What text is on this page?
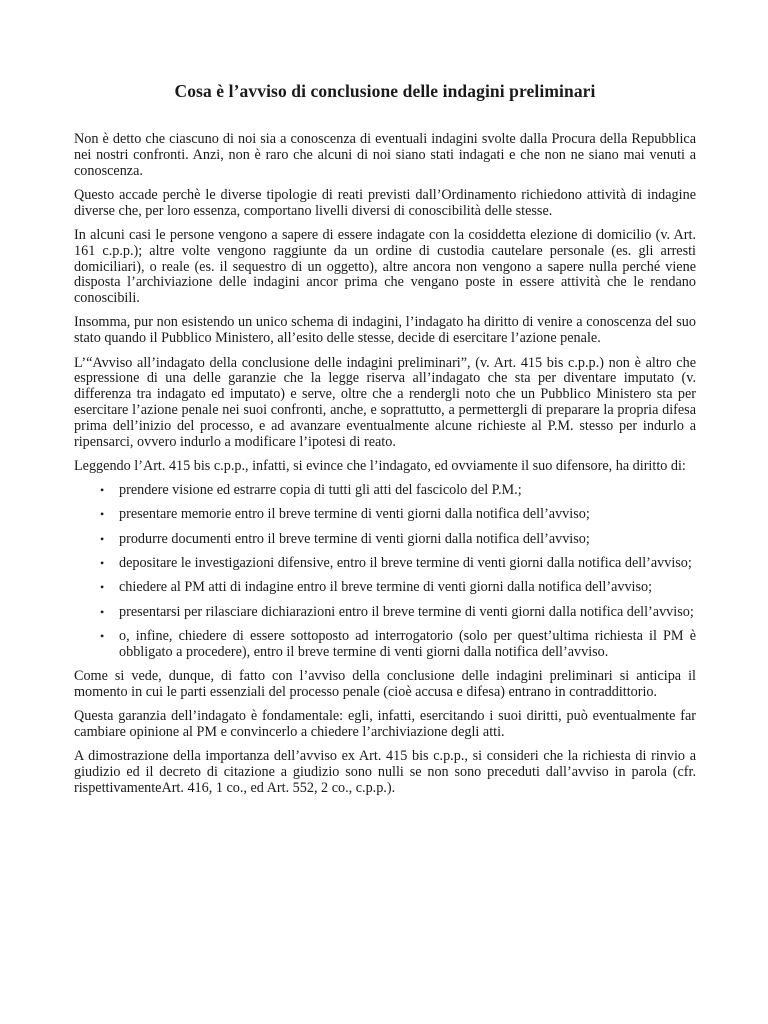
Cosa è l’avviso di conclusione delle indagini preliminari

Non è detto che ciascuno di noi sia a conoscenza di eventuali indagini svolte dalla Procura della Repubblica nei nostri confronti. Anzi, non è raro che alcuni di noi siano stati indagati e che non ne siano mai venuti a conoscenza.

Questo accade perchè le diverse tipologie di reati previsti dall’Ordinamento richiedono attività di indagine diverse che, per loro essenza, comportano livelli diversi di conoscibilità delle stesse.

In alcuni casi le persone vengono a sapere di essere indagate con la cosiddetta elezione di domicilio (v. Art. 161 c.p.p.); altre volte vengono raggiunte da un ordine di custodia cautelare personale (es. gli arresti domiciliari), o reale (es. il sequestro di un oggetto), altre ancora non vengono a sapere nulla perché viene disposta l’archiviazione delle indagini ancor prima che vengano poste in essere attività che le rendano conoscibili.

Insomma, pur non esistendo un unico schema di indagini, l’indagato ha diritto di venire a conoscenza del suo stato quando il Pubblico Ministero, all’esito delle stesse, decide di esercitare l’azione penale.

L’“Avviso all’indagato della conclusione delle indagini preliminari”, (v. Art. 415 bis c.p.p.) non è altro che espressione di una delle garanzie che la legge riserva all’indagato che sta per diventare imputato (v. differenza tra indagato ed imputato) e serve, oltre che a rendergli noto che un Pubblico Ministero sta per esercitare l’azione penale nei suoi confronti, anche, e soprattutto, a permettergli di preparare la propria difesa prima dell’inizio del processo, e ad avanzare eventualmente alcune richieste al P.M. stesso per indurlo a ripensarci, ovvero indurlo a modificare l’ipotesi di reato.

Leggendo l’Art. 415 bis c.p.p., infatti, si evince che l’indagato, ed ovviamente il suo difensore, ha diritto di:

• prendere visione ed estrarre copia di tutti gli atti del fascicolo del P.M.;
• presentare memorie entro il breve termine di venti giorni dalla notifica dell’avviso;
• produrre documenti entro il breve termine di venti giorni dalla notifica dell’avviso;
• depositare le investigazioni difensive, entro il breve termine di venti giorni dalla notifica dell’avviso;
• chiedere al PM atti di indagine entro il breve termine di venti giorni dalla notifica dell’avviso;
• presentarsi per rilasciare dichiarazioni entro il breve termine di venti giorni dalla notifica dell’avviso;
• o, infine, chiedere di essere sottoposto ad interrogatorio (solo per quest’ultima richiesta il PM è obbligato a procedere), entro il breve termine di venti giorni dalla notifica dell’avviso.

Come si vede, dunque, di fatto con l’avviso della conclusione delle indagini preliminari si anticipa il momento in cui le parti essenziali del processo penale (cioè accusa e difesa) entrano in contraddittorio.

Questa garanzia dell’indagato è fondamentale: egli, infatti, esercitando i suoi diritti, può eventualmente far cambiare opinione al PM e convincerlo a chiedere l’archiviazione degli atti.

A dimostrazione della importanza dell’avviso ex Art. 415 bis c.p.p., si consideri che la richiesta di rinvio a giudizio ed il decreto di citazione a giudizio sono nulli se non sono preceduti dall’avviso in parola (cfr. rispettivamenteArt. 416, 1 co., ed Art. 552, 2 co., c.p.p.).
